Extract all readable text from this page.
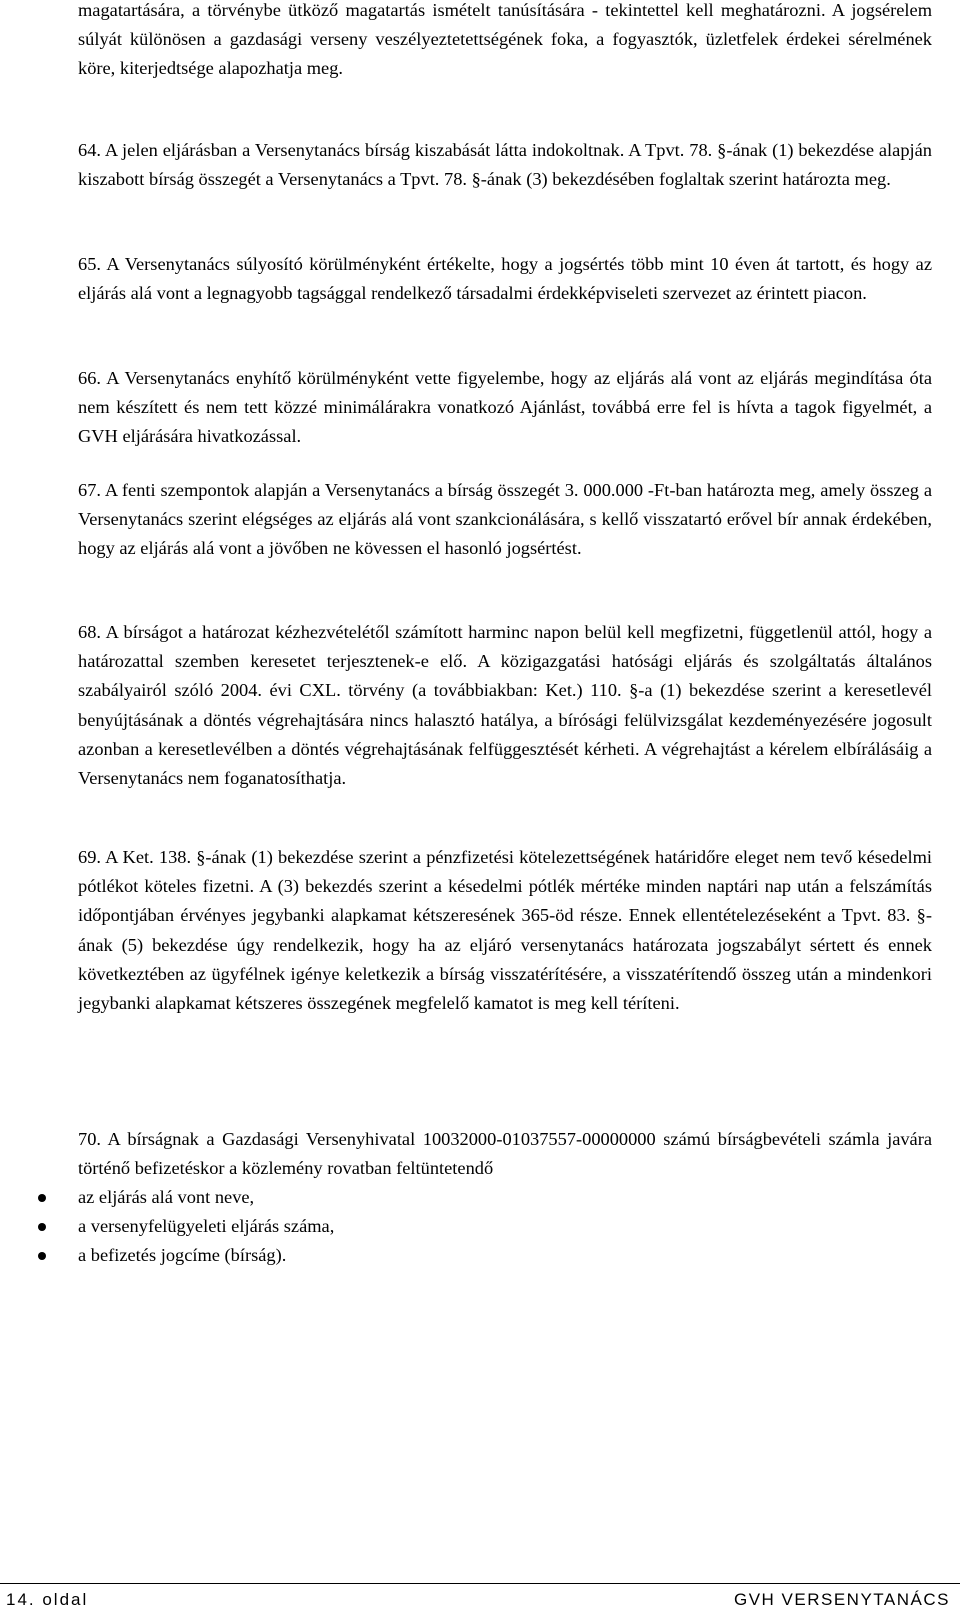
magatartására, a törvénybe ütköző magatartás ismételt tanúsítására - tekintettel kell meghatározni. A jogsérelem súlyát különösen a gazdasági verseny veszélyeztetettségének foka, a fogyasztók, üzletfelek érdekei sérelmének köre, kiterjedtsége alapozhatja meg.
64. A jelen eljárásban a Versenytanács bírság kiszabását látta indokoltnak. A Tpvt. 78. §-ának (1) bekezdése alapján kiszabott bírság összegét a Versenytanács a Tpvt. 78. §-ának (3) bekezdésében foglaltak szerint határozta meg.
65. A Versenytanács súlyosító körülményként értékelte, hogy a jogsértés több mint 10 éven át tartott, és hogy az eljárás alá vont a legnagyobb tagsággal rendelkező társadalmi érdekképviseleti szervezet az érintett piacon.
66. A Versenytanács enyhítő körülményként vette figyelembe, hogy az eljárás alá vont az eljárás megindítása óta nem készített és nem tett közzé minimálárakra vonatkozó Ajánlást, továbbá erre fel is hívta a tagok figyelmét, a GVH eljárására hivatkozással.
67. A fenti szempontok alapján a Versenytanács a bírság összegét 3. 000.000 -Ft-ban határozta meg, amely összeg a Versenytanács szerint elégséges az eljárás alá vont szankcionálására, s kellő visszatartó erővel bír annak érdekében, hogy az eljárás alá vont a jövőben ne kövessen el hasonló jogsértést.
68. A bírságot a határozat kézhezvételétől számított harminc napon belül kell megfizetni, függetlenül attól, hogy a határozattal szemben keresetet terjesztenek-e elő. A közigazgatási hatósági eljárás és szolgáltatás általános szabályairól szóló 2004. évi CXL. törvény (a továbbiakban: Ket.) 110. §-a (1) bekezdése szerint a keresetlevél benyújtásának a döntés végrehajtására nincs halasztó hatálya, a bírósági felülvizsgálat kezdeményezésére jogosult azonban a keresetlevélben a döntés végrehajtásának felfüggesztését kérheti. A végrehajtást a kérelem elbírálásáig a Versenytanács nem foganatosíthatja.
69. A Ket. 138. §-ának (1) bekezdése szerint a pénzfizetési kötelezettségének határidőre eleget nem tevő késedelmi pótlékot köteles fizetni. A (3) bekezdés szerint a késedelmi pótlék mértéke minden naptári nap után a felszámítás időpontjában érvényes jegybanki alapkamat kétszeresének 365-öd része. Ennek ellentételezéseként a Tpvt. 83. §-ának (5) bekezdése úgy rendelkezik, hogy ha az eljáró versenytanács határozata jogszabályt sértett és ennek következtében az ügyfélnek igénye keletkezik a bírság visszatérítésére, a visszatérítendő összeg után a mindenkori jegybanki alapkamat kétszeres összegének megfelelő kamatot is meg kell téríteni.
70. A bírságnak a Gazdasági Versenyhivatal 10032000-01037557-00000000 számú bírságbevételi számla javára történő befizetéskor a közlemény rovatban feltüntetendő
az eljárás alá vont neve,
a versenyfelügyeleti eljárás száma,
a befizetés jogcíme (bírság).
14. oldal	GVH VERSENYTANÁCS
